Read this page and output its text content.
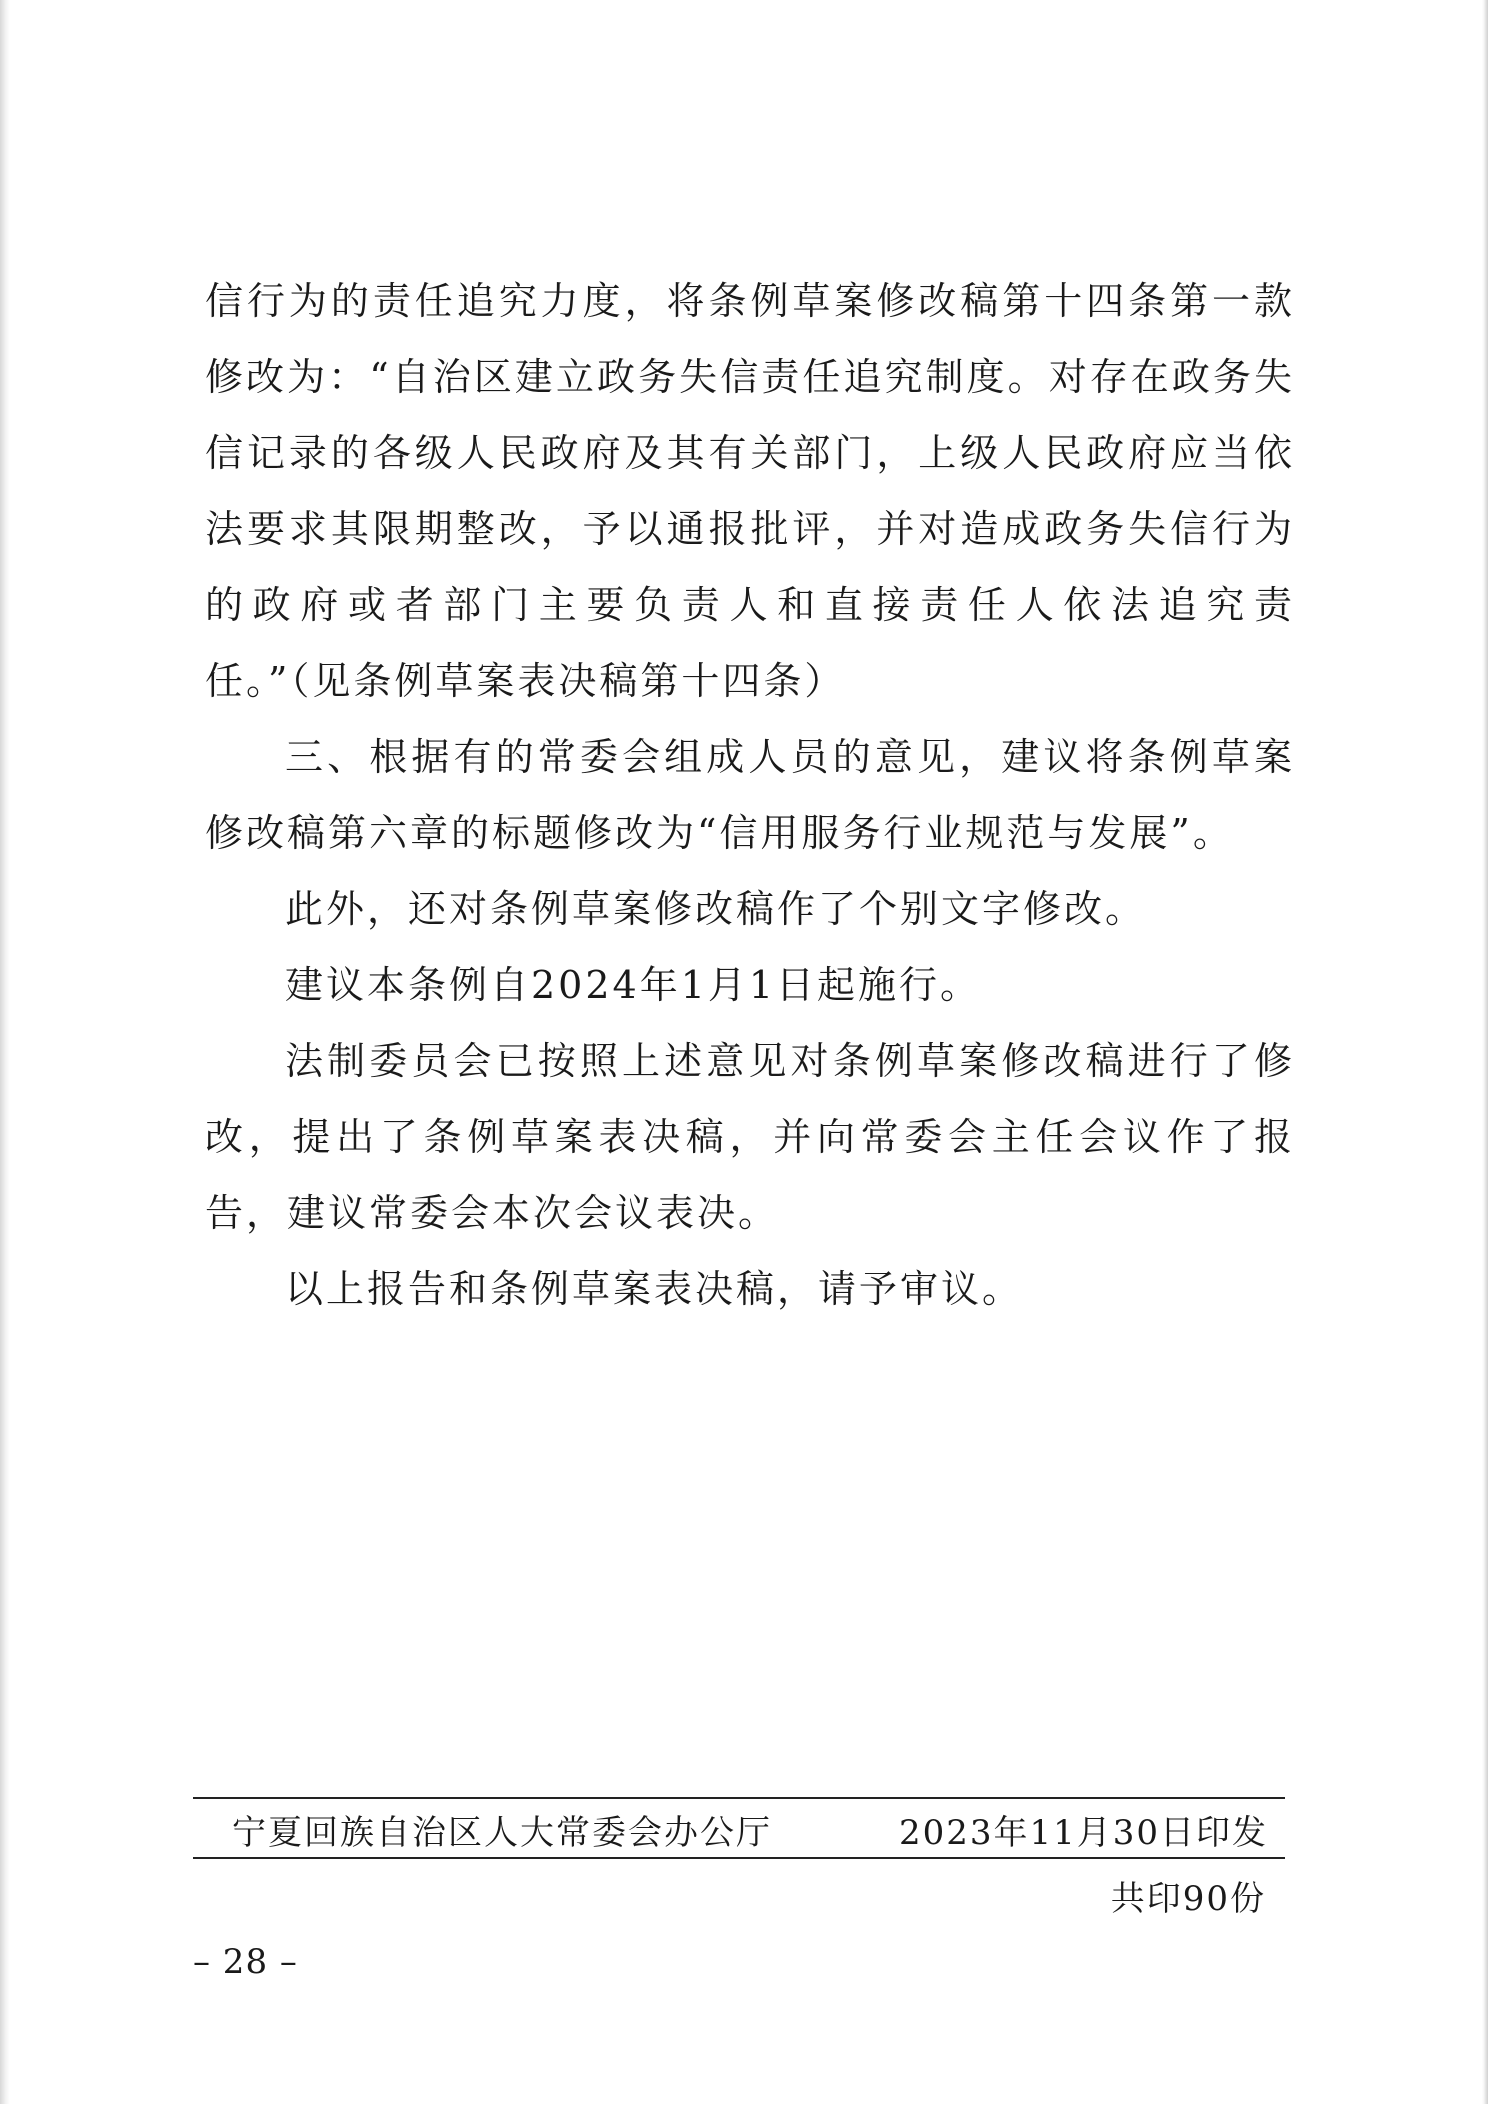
信行为的责任追究力度，将条例草案修改稿第十四条第一款修改为：“自治区建立政务失信责任追究制度。对存在政务失信记录的各级人民政府及其有关部门，上级人民政府应当依法要求其限期整改，予以通报批评，并对造成政务失信行为的政府或者部门主要负责人和直接责任人依法追究责任。”（见条例草案表决稿第十四条）

三、根据有的常委会组成人员的意见，建议将条例草案修改稿第六章的标题修改为“信用服务行业规范与发展”。

此外，还对条例草案修改稿作了个别文字修改。

建议本条例自2024年1月1日起施行。

法制委员会已按照上述意见对条例草案修改稿进行了修改，提出了条例草案表决稿，并向常委会主任会议作了报告，建议常委会本次会议表决。

以上报告和条例草案表决稿，请予审议。

宁夏回族自治区人大常委会办公厅	2023年11月30日印发
共印90份
– 28 –
